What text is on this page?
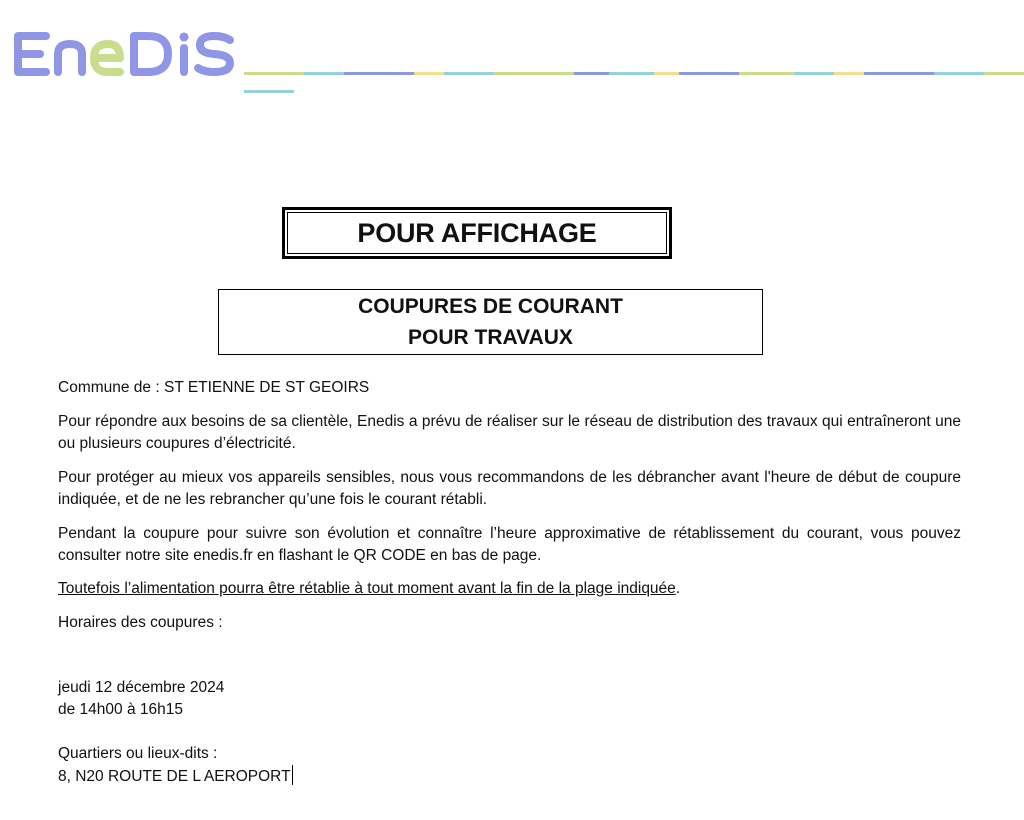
POUR AFFICHAGE
COUPURES DE COURANT
POUR TRAVAUX

Commune de : ST ETIENNE DE ST GEOIRS

Pour répondre aux besoins de sa clientèle, Enedis a prévu de réaliser sur le réseau de distribution des travaux qui entraîneront une ou plusieurs coupures d’électricité.

Pour protéger au mieux vos appareils sensibles, nous vous recommandons de les débrancher avant l'heure de début de coupure indiquée, et de ne les rebrancher qu’une fois le courant rétabli.

Pendant la coupure pour suivre son évolution et connaître l’heure approximative de rétablissement du courant, vous pouvez consulter notre site enedis.fr en flashant le QR CODE en bas de page.

Toutefois l’alimentation pourra être rétablie à tout moment avant la fin de la plage indiquée.

Horaires des coupures :

jeudi 12 décembre 2024

de 14h00 à 16h15

Quartiers ou lieux-dits :

8, N20 ROUTE DE L AEROPORT
